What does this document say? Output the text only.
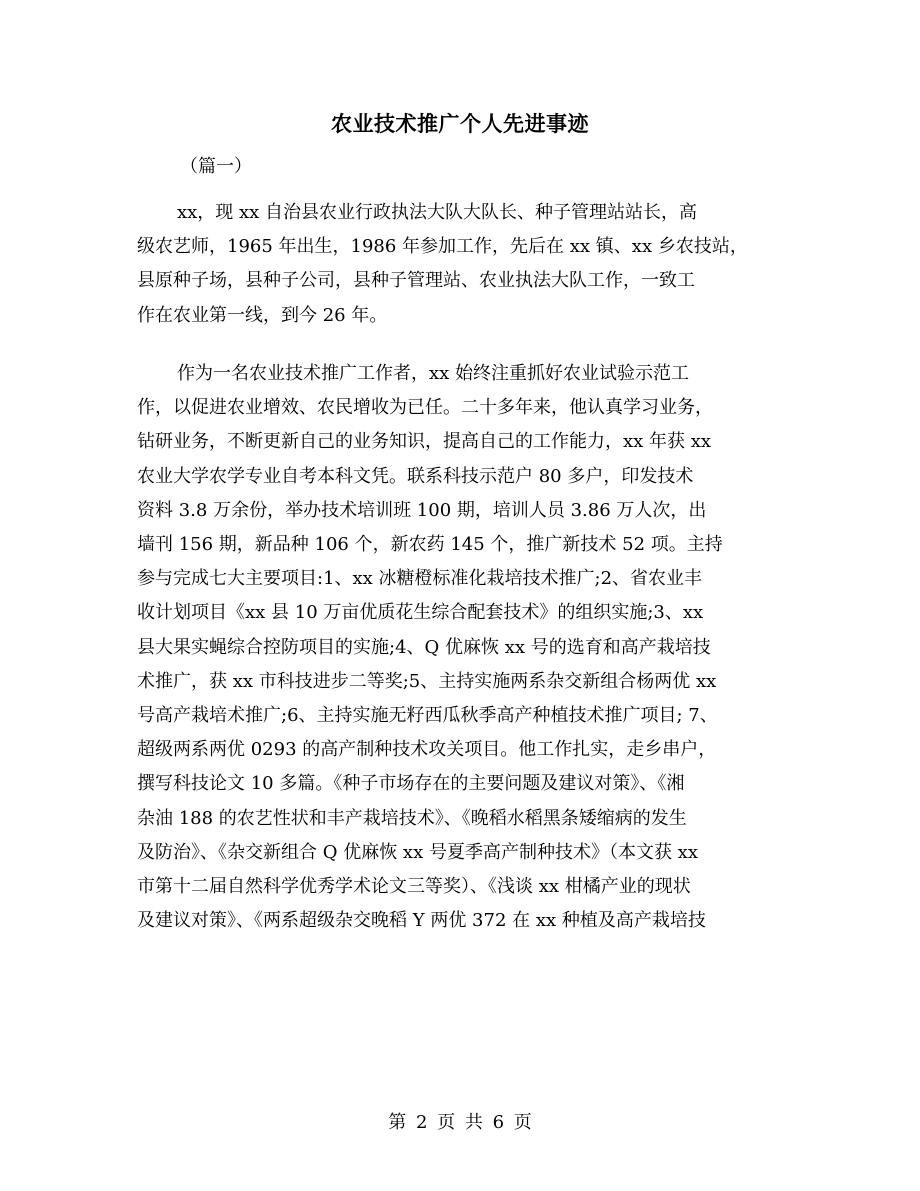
农业技术推广个人先进事迹
（篇一）
xx，现 xx 自治县农业行政执法大队大队长、种子管理站站长，高
级农艺师，1965 年出生，1986 年参加工作，先后在 xx 镇、xx 乡农技站，
县原种子场，县种子公司，县种子管理站、农业执法大队工作，一致工
作在农业第一线，到今 26 年。
作为一名农业技术推广工作者，xx 始终注重抓好农业试验示范工
作，以促进农业增效、农民增收为已任。二十多年来，他认真学习业务，
钻研业务，不断更新自己的业务知识，提高自己的工作能力，xx 年获 xx
农业大学农学专业自考本科文凭。联系科技示范户 80 多户，印发技术
资料 3.8 万余份，举办技术培训班 100 期，培训人员 3.86 万人次，出
墙刊 156 期，新品种 106 个，新农药 145 个，推广新技术 52 项。主持
参与完成七大主要项目:1、xx 冰糖橙标准化栽培技术推广;2、省农业丰
收计划项目《xx 县 10 万亩优质花生综合配套技术》的组织实施;3、xx
县大果实蝇综合控防项目的实施;4、Q 优麻恢 xx 号的选育和高产栽培技
术推广，获 xx 市科技进步二等奖;5、主持实施两系杂交新组合杨两优 xx
号高产栽培术推广;6、主持实施无籽西瓜秋季高产种植技术推广项目; 7、
超级两系两优 0293 的高产制种技术攻关项目。他工作扎实，走乡串户，
撰写科技论文 10 多篇。《种子市场存在的主要问题及建议对策》、《湘
杂油 188 的农艺性状和丰产栽培技术》、《晚稻水稻黑条矮缩病的发生
及防治》、《杂交新组合 Q 优麻恢 xx 号夏季高产制种技术》（本文获 xx
市第十二届自然科学优秀学术论文三等奖）、《浅谈 xx 柑橘产业的现状
及建议对策》、《两系超级杂交晚稻 Y 两优 372 在 xx 种植及高产栽培技
第 2 页 共 6 页
